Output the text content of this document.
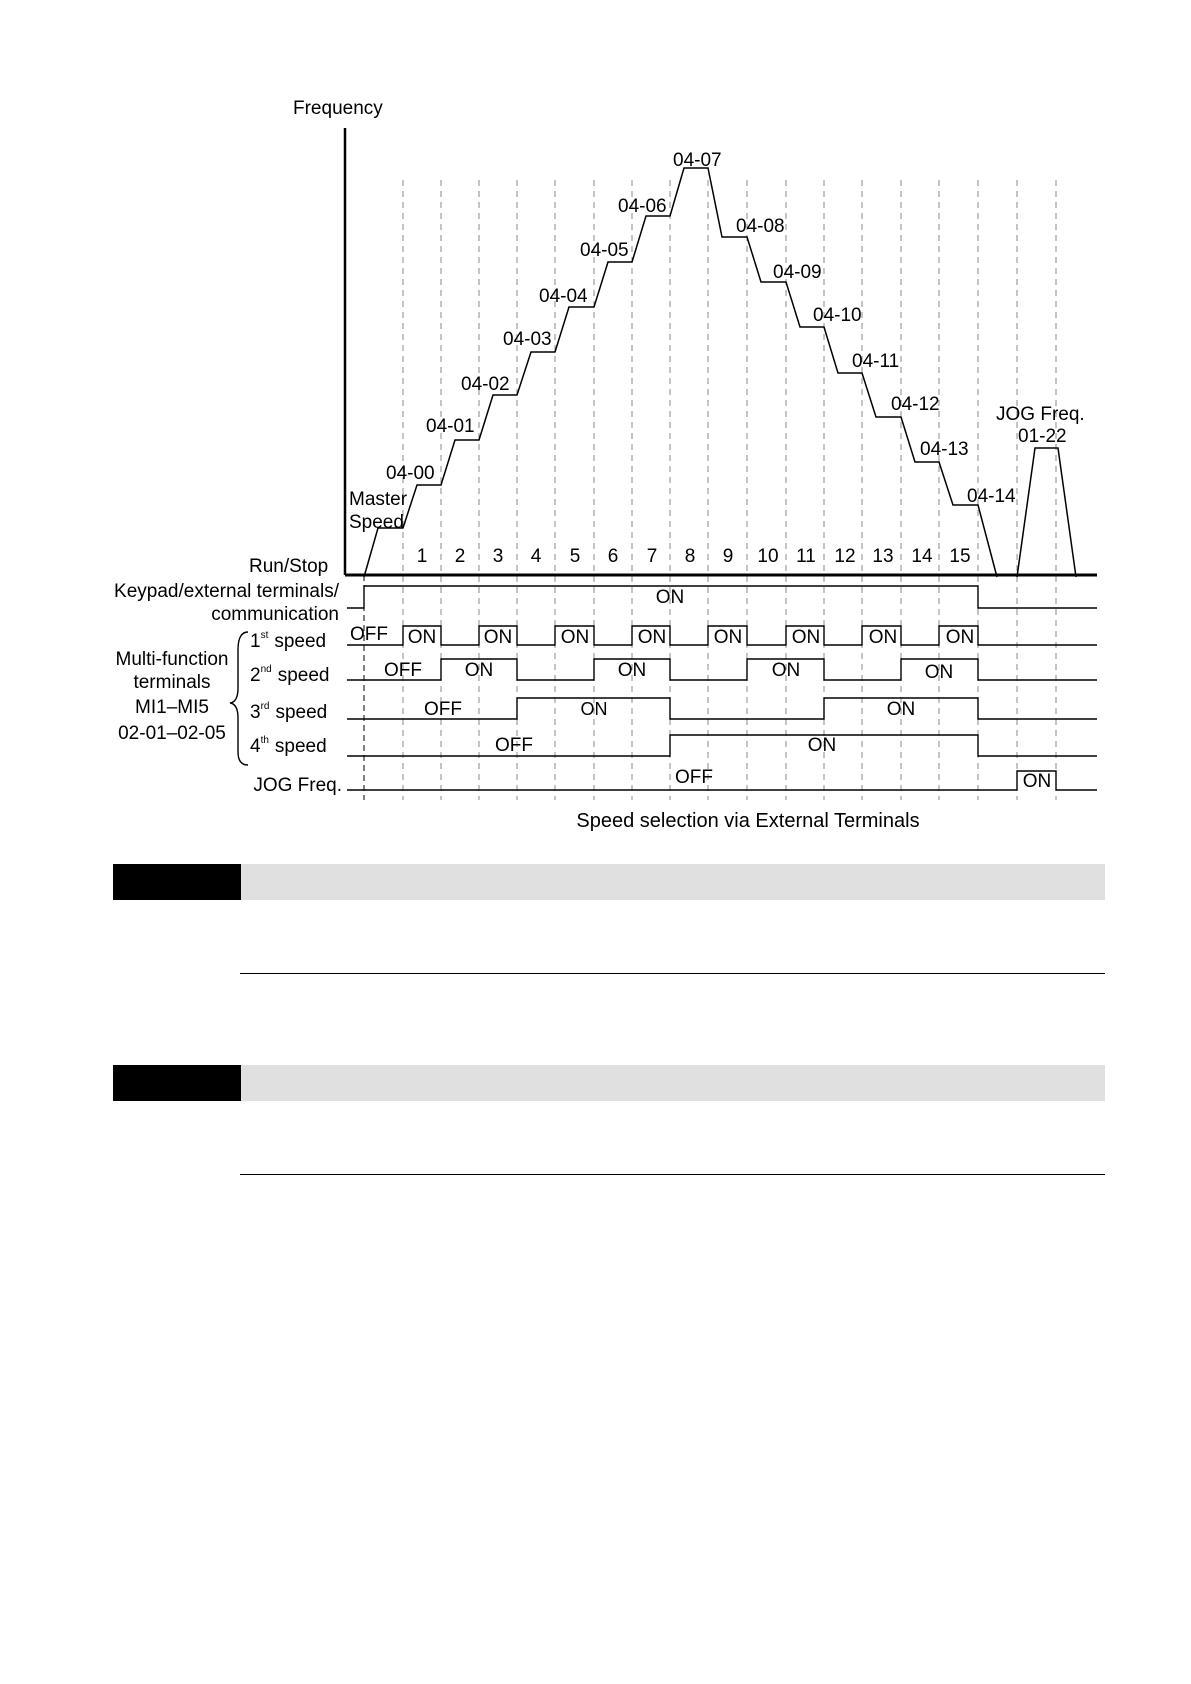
Frequency
Run/Stop
Master
Speed
JOG Freq.
01-22
04-00
04-01
04-02
04-03
04-04
04-05
04-06
04-07
04-08
04-09
04-10
04-11
04-12
04-13
04-14
1 2 3 4 5 6 7 8 9 10 11 12 13 14 15
Keypad/external terminals/
communication
Multi-function
terminals
MI1–MI5
02-01–02-05
1st speed
2nd speed
3rd speed
4th speed
JOG Freq.
ON
OFF ON	ON	ON	ON	ON	ON	ON	ON
OFF ON	ON	ON	ON
OFF	ON	ON
OFF	ON
OFF	ON
Speed selection via External Terminals
